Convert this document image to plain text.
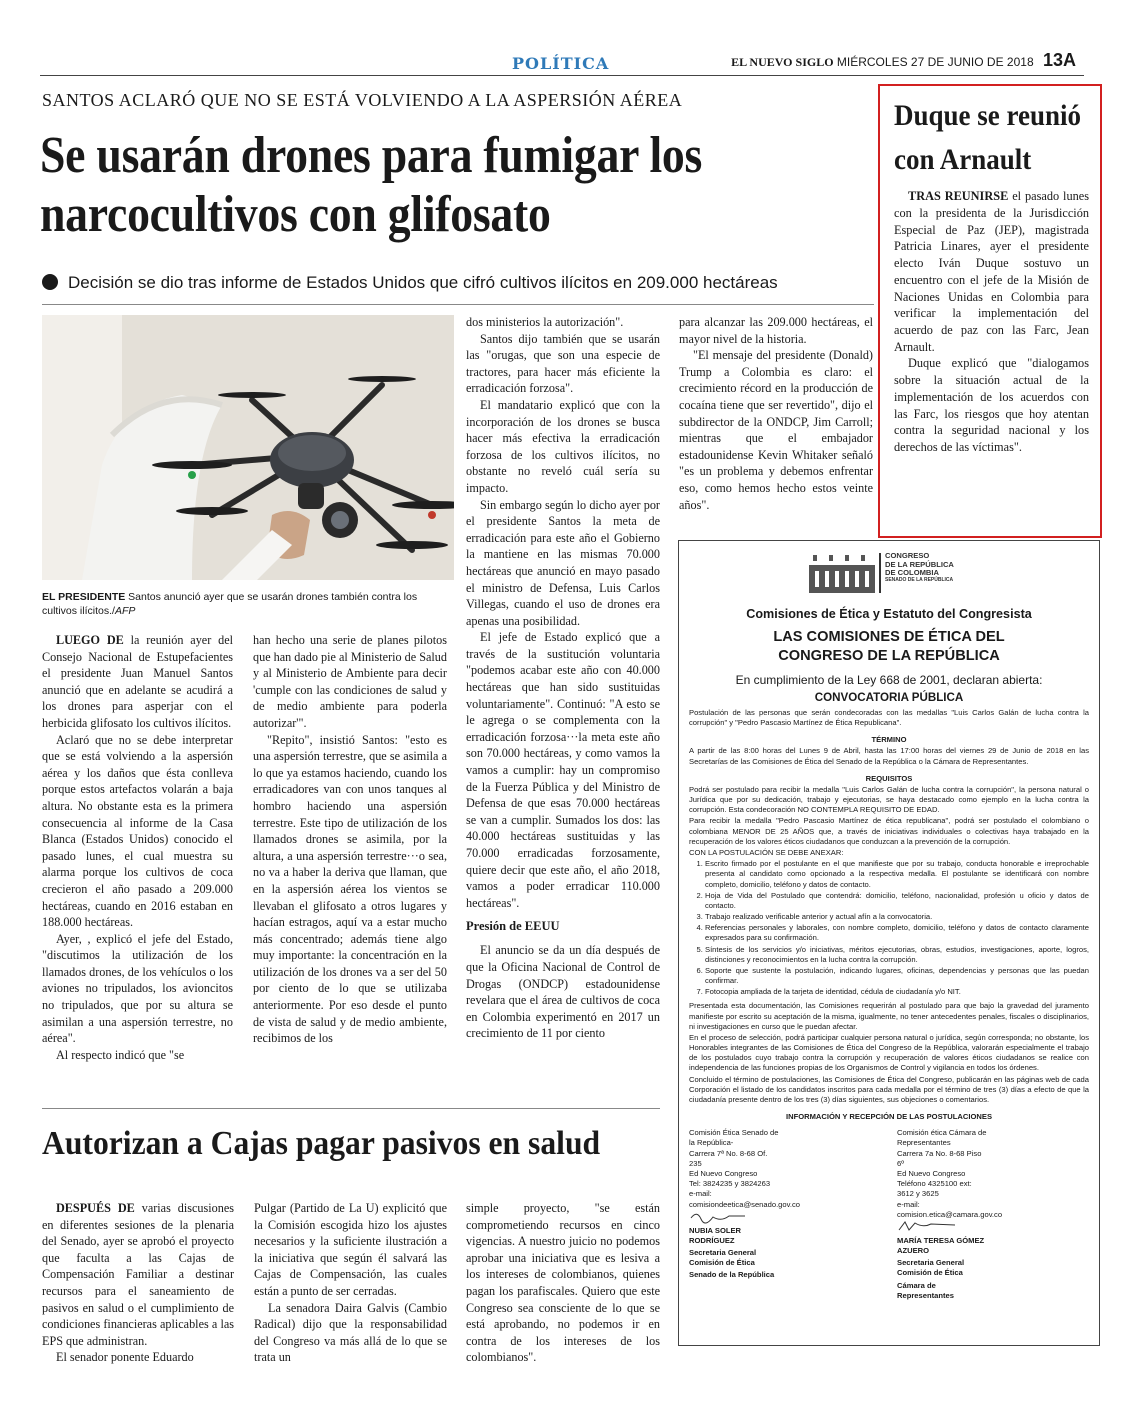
POLÍTICA	EL NUEVO SIGLO MIÉRCOLES 27 DE JUNIO DE 2018 13A
SANTOS ACLARÓ QUE NO SE ESTÁ VOLVIENDO A LA ASPERSIÓN AÉREA
Se usarán drones para fumigar los narcocultivos con glifosato
Decisión se dio tras informe de Estados Unidos que cifró cultivos ilícitos en 209.000 hectáreas
EL PRESIDENTE Santos anunció ayer que se usarán drones también contra los cultivos ilícitos./AFP

LUEGO DE la reunión ayer del Consejo Nacional de Estupefacientes el presidente Juan Manuel Santos anunció que en adelante se acudirá a los drones para asperjar con el herbicida glifosato los cultivos ilícitos.

Aclaró que no se debe interpretar que se está volviendo a la aspersión aérea y los daños que ésta conlleva porque estos artefactos volarán a baja altura. No obstante esta es la primera consecuencia al informe de la Casa Blanca (Estados Unidos) conocido el pasado lunes, el cual muestra su alarma porque los cultivos de coca crecieron el año pasado a 209.000 hectáreas, cuando en 2016 estaban en 188.000 hectáreas.

Ayer, , explicó el jefe del Estado, "discutimos la utilización de los llamados drones, de los vehículos o los aviones no tripulados, los avioncitos no tripulados, que por su altura se asimilan a una aspersión terrestre, no aérea".

Al respecto indicó que "se

han hecho una serie de planes pilotos que han dado pie al Ministerio de Salud y al Ministerio de Ambiente para decir 'cumple con las condiciones de salud y de medio ambiente para poderla autorizar'".

"Repito", insistió Santos: "esto es una aspersión terrestre, que se asimila a lo que ya estamos haciendo, cuando los erradicadores van con unos tanques al hombro haciendo una aspersión terrestre. Este tipo de utilización de los llamados drones se asimila, por la altura, a una aspersión terrestre···o sea, no va a haber la deriva que llaman, que en la aspersión aérea los vientos se llevaban el glifosato a otros lugares y hacían estragos, aquí va a estar mucho más concentrado; además tiene algo muy importante: la concentración en la utilización de los drones va a ser del 50 por ciento de lo que se utilizaba anteriormente. Por eso desde el punto de vista de salud y de medio ambiente, recibimos de los

dos ministerios la autorización".

Santos dijo también que se usarán las "orugas, que son una especie de tractores, para hacer más eficiente la erradicación forzosa".

El mandatario explicó que con la incorporación de los drones se busca hacer más efectiva la erradicación forzosa de los cultivos ilícitos, no obstante no reveló cuál sería su impacto.

Sin embargo según lo dicho ayer por el presidente Santos la meta de erradicación para este año el Gobierno la mantiene en las mismas 70.000 hectáreas que anunció en mayo pasado el ministro de Defensa, Luis Carlos Villegas, cuando el uso de drones era apenas una posibilidad.

El jefe de Estado explicó que a través de la sustitución voluntaria "podemos acabar este año con 40.000 hectáreas que han sido sustituidas voluntariamente". Continuó: "A esto se le agrega o se complementa con la erradicación forzosa···la meta este año son 70.000 hectáreas, y como vamos la vamos a cumplir: hay un compromiso de la Fuerza Pública y del Ministro de Defensa de que esas 70.000 hectáreas se van a cumplir. Sumados los dos: las 40.000 hectáreas sustituidas y las 70.000 erradicadas forzosamente, quiere decir que este año, el año 2018, vamos a poder erradicar 110.000 hectáreas".

Presión de EEUU

El anuncio se da un día después de que la Oficina Nacional de Control de Drogas (ONDCP) estadounidense revelara que el área de cultivos de coca en Colombia experimentó en 2017 un crecimiento de 11 por ciento

para alcanzar las 209.000 hectáreas, el mayor nivel de la historia.

"El mensaje del presidente (Donald) Trump a Colombia es claro: el crecimiento récord en la producción de cocaína tiene que ser revertido", dijo el subdirector de la ONDCP, Jim Carroll; mientras que el embajador estadounidense Kevin Whitaker señaló "es un problema y debemos enfrentar eso, como hemos hecho estos veinte años".

Autorizan a Cajas pagar pasivos en salud

DESPUÉS DE varias discusiones en diferentes sesiones de la plenaria del Senado, ayer se aprobó el proyecto que faculta a las Cajas de Compensación Familiar a destinar recursos para el saneamiento de pasivos en salud o el cumplimiento de condiciones financieras aplicables a las EPS que administran.

El senador ponente Eduardo

Pulgar (Partido de La U) explicitó que la Comisión escogida hizo los ajustes necesarios y la suficiente ilustración a la iniciativa que según él salvará las Cajas de Compensación, las cuales están a punto de ser cerradas.

La senadora Daira Galvis (Cambio Radical) dijo que la responsabilidad del Congreso va más allá de lo que se trata un

simple proyecto, "se están comprometiendo recursos en cinco vigencias. A nuestro juicio no podemos aprobar una iniciativa que es lesiva a los intereses de colombianos, quienes pagan los parafiscales. Quiero que este Congreso sea consciente de lo que se está aprobando, no podemos ir en contra de los intereses de los colombianos".

Duque se reunió con Arnault

TRAS REUNIRSE el pasado lunes con la presidenta de la Jurisdicción Especial de Paz (JEP), magistrada Patricia Linares, ayer el presidente electo Iván Duque sostuvo un encuentro con el jefe de la Misión de Naciones Unidas en Colombia para verificar la implementación del acuerdo de paz con las Farc, Jean Arnault.

Duque explicó que "dialogamos sobre la situación actual de la implementación de los acuerdos con las Farc, los riesgos que hoy atentan contra la seguridad nacional y los derechos de las víctimas".

CONGRESO
DE LA REPÚBLICA
DE COLOMBIA
SENADO DE LA REPÚBLICA
Comisiones de Ética y Estatuto del Congresista
LAS COMISIONES DE ÉTICA DEL CONGRESO DE LA REPÚBLICA
En cumplimiento de la Ley 668 de 2001, declaran abierta:
CONVOCATORIA PÚBLICA

Postulación de las personas que serán condecoradas con las medallas "Luis Carlos Galán de lucha contra la corrupción" y "Pedro Pascasio Martínez de Ética Republicana".

TÉRMINO

A partir de las 8:00 horas del Lunes 9 de Abril, hasta las 17:00 horas del viernes 29 de Junio de 2018 en las Secretarías de las Comisiones de Ética del Senado de la República o la Cámara de Representantes.

REQUISITOS

Podrá ser postulado para recibir la medalla "Luis Carlos Galán de lucha contra la corrupción", la persona natural o Jurídica que por su dedicación, trabajo y ejecutorias, se haya destacado como ejemplo en la lucha contra la corrupción. Esta condecoración NO CONTEMPLA REQUISITO DE EDAD.

Para recibir la medalla "Pedro Pascasio Martínez de ética republicana", podrá ser postulado el colombiano o colombiana MENOR DE 25 AÑOS que, a través de iniciativas individuales o colectivas haya trabajado en la recuperación de los valores éticos ciudadanos que conduzcan a la prevención de la corrupción.

CON LA POSTULACIÓN SE DEBE ANEXAR:
1. Escrito firmado por el postulante en el que manifieste que por su trabajo, conducta honorable e irreprochable presenta al candidato como opcionado a la respectiva medalla. El postulante se identificará con nombre completo, domicilio, teléfono y datos de contacto.
2. Hoja de Vida del Postulado que contendrá: domicilio, teléfono, nacionalidad, profesión u oficio y datos de contacto.
3. Trabajo realizado verificable anterior y actual afín a la convocatoria.
4. Referencias personales y laborales, con nombre completo, domicilio, teléfono y datos de contacto claramente expresados para su confirmación.
5. Síntesis de los servicios y/o iniciativas, méritos ejecutorias, obras, estudios, investigaciones, aporte, logros, distinciones y reconocimientos en la lucha contra la corrupción.
6. Soporte que sustente la postulación, indicando lugares, oficinas, dependencias y personas que las puedan confirmar.
7. Fotocopia ampliada de la tarjeta de identidad, cédula de ciudadanía y/o NIT.

Presentada esta documentación, las Comisiones requerirán al postulado para que bajo la gravedad del juramento manifieste por escrito su aceptación de la misma, igualmente, no tener antecedentes penales, fiscales o disciplinarios, ni investigaciones en curso que le puedan afectar.

En el proceso de selección, podrá participar cualquier persona natural o jurídica, según corresponda; no obstante, los Honorables integrantes de las Comisiones de Ética del Congreso de la República, valorarán especialmente el trabajo de los postulados cuyo trabajo contra la corrupción y recuperación de valores éticos ciudadanos se realice con independencia de las funciones propias de los Organismos de Control y vigilancia en todos los órdenes.

Concluido el término de postulaciones, las Comisiones de Ética del Congreso, publicarán en las páginas web de cada Corporación el listado de los candidatos inscritos para cada medalla por el término de tres (3) días a efecto de que la ciudadanía presente dentro de los tres (3) días siguientes, sus objeciones o comentarios.

INFORMACIÓN Y RECEPCIÓN DE LAS POSTULACIONES
Comisión Ética Senado de la República-
Carrera 7ª No. 8-68 Of. 235
Ed Nuevo Congreso
Tel: 3824235 y 3824263
e-mail: comisiondeetica@senado.gov.co
NUBIA SOLER RODRÍGUEZ
Secretaria General Comisión de Ética
Senado de la República
Comisión ética Cámara de Representantes
Carrera 7a No. 8-68 Piso 6º
Ed Nuevo Congreso
Teléfono 4325100 ext: 3612 y 3625
e-mail: comision.etica@camara.gov.co
MARÍA TERESA GÓMEZ AZUERO
Secretaria General Comisión de Ética
Cámara de Representantes
